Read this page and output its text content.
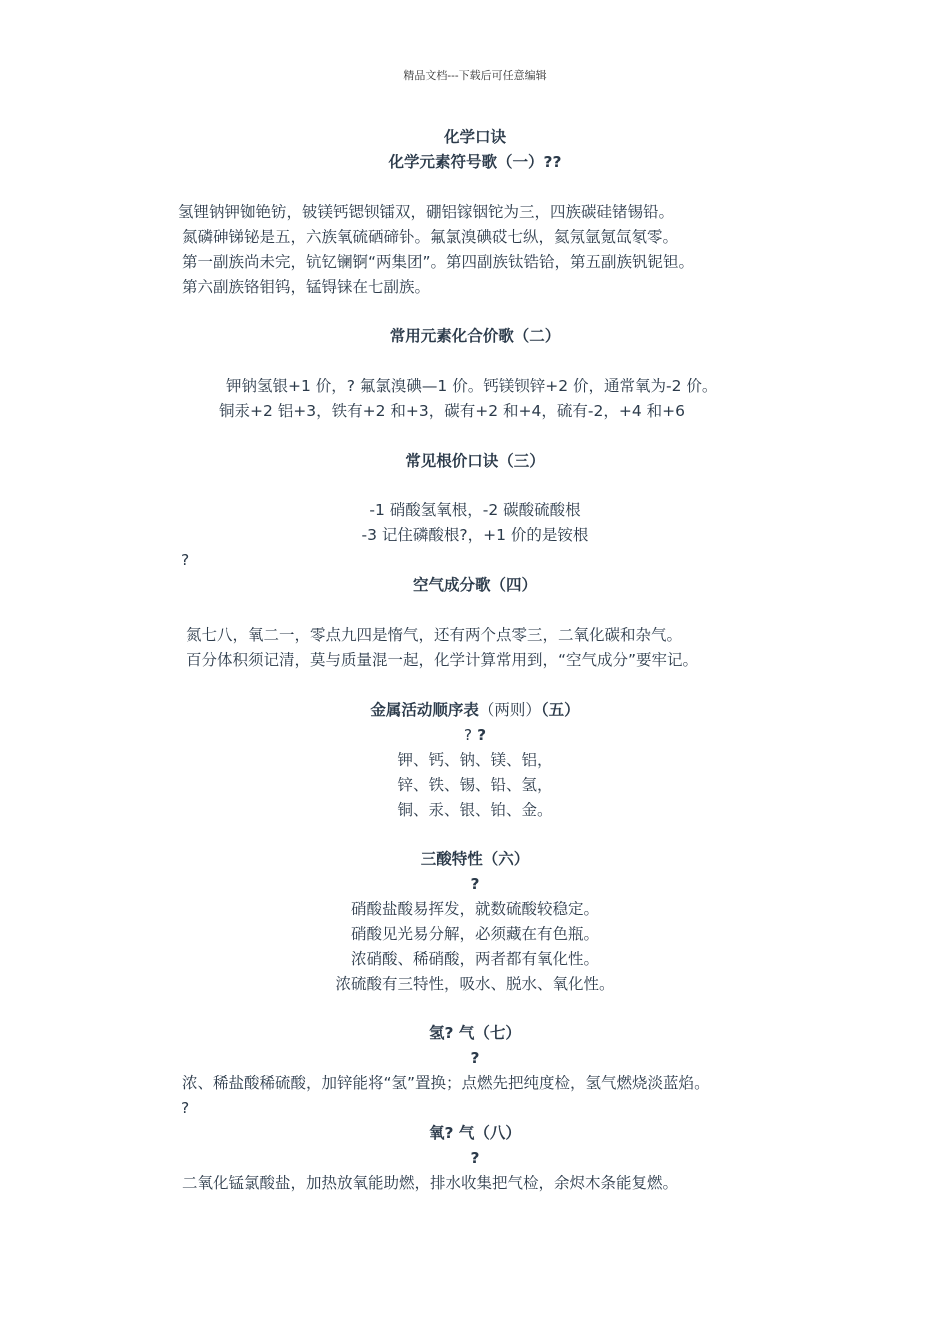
精品文档---下载后可任意编辑
化学口诀
化学元素符号歌（一）??
氢锂钠钾铷铯钫，铍镁钙锶钡镭双，硼铝镓铟铊为三，四族碳硅锗锡铅。
氮磷砷锑铋是五，六族氧硫硒碲钋。氟氯溴碘砹七纵，氦氖氩氪氙氡零。
第一副族尚未完，钪钇镧锕“两集团”。第四副族钛锆铪，第五副族钒铌钽。
第六副族铬钼钨，锰锝铼在七副族。
常用元素化合价歌（二）
钾钠氢银+1 价，? 氟氯溴碘—1 价。钙镁钡锌+2 价，通常氧为-2 价。
铜汞+2 铝+3，铁有+2 和+3，碳有+2 和+4，硫有-2，+4 和+6
常见根价口诀（三）
-1 硝酸氢氧根，-2 碳酸硫酸根
-3 记住磷酸根?，+1 价的是铵根
?
空气成分歌（四）
氮七八，氧二一，零点九四是惰气，还有两个点零三，二氧化碳和杂气。
百分体积须记清，莫与质量混一起，化学计算常用到，“空气成分”要牢记。
金属活动顺序表（两则）（五）
? ?
钾、钙、钠、镁、铝，
锌、铁、锡、铅、氢，
铜、汞、银、铂、金。
三酸特性（六）
?
硝酸盐酸易挥发，就数硫酸较稳定。
硝酸见光易分解，必须藏在有色瓶。
浓硝酸、稀硝酸，两者都有氧化性。
浓硫酸有三特性，吸水、脱水、氧化性。
氢? 气（七）
?
浓、稀盐酸稀硫酸，加锌能将“氢”置换；点燃先把纯度检，氢气燃烧淡蓝焰。
?
氧? 气（八）
?
二氧化锰氯酸盐，加热放氧能助燃，排水收集把气检，余烬木条能复燃。
